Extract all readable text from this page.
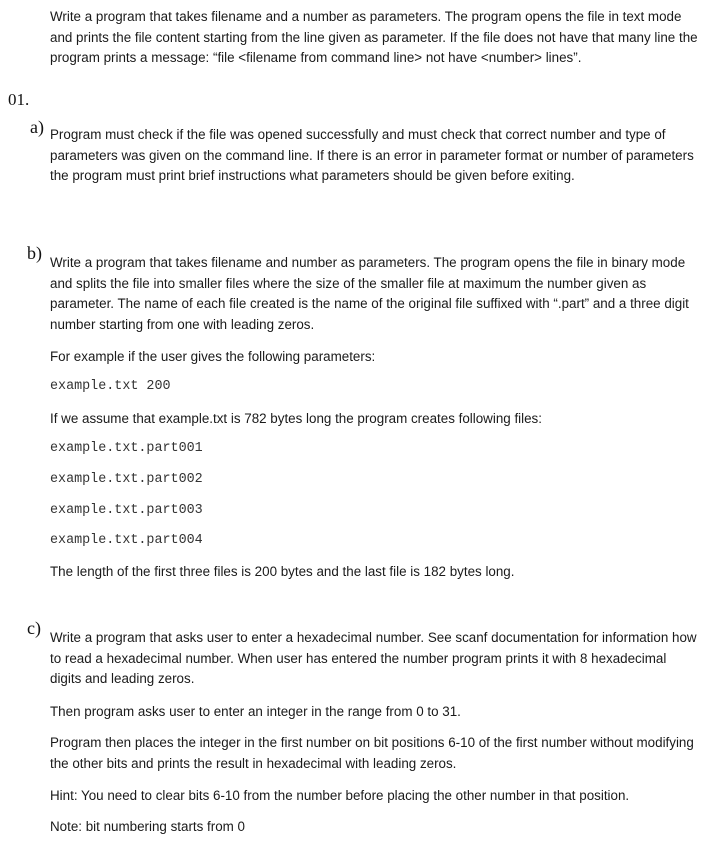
Write a program that takes filename and a number as parameters. The program opens the file in text mode and prints the file content starting from the line given as parameter. If the file does not have that many line the program prints a message: “file <filename from command line> not have <number> lines”.

01.
a) Program must check if the file was opened successfully and must check that correct number and type of parameters was given on the command line. If there is an error in parameter format or number of parameters the program must print brief instructions what parameters should be given before exiting.

b) Write a program that takes filename and number as parameters. The program opens the file in binary mode and splits the file into smaller files where the size of the smaller file at maximum the number given as parameter. The name of each file created is the name of the original file suffixed with “.part” and a three digit number starting from one with leading zeros.

For example if the user gives the following parameters:

example.txt 200

If we assume that example.txt is 782 bytes long the program creates following files:

example.txt.part001

example.txt.part002

example.txt.part003

example.txt.part004

The length of the first three files is 200 bytes and the last file is 182 bytes long.

c) Write a program that asks user to enter a hexadecimal number. See scanf documentation for information how to read a hexadecimal number. When user has entered the number program prints it with 8 hexadecimal digits and leading zeros.

Then program asks user to enter an integer in the range from 0 to 31.

Program then places the integer in the first number on bit positions 6-10 of the first number without modifying the other bits and prints the result in hexadecimal with leading zeros.

Hint: You need to clear bits 6-10 from the number before placing the other number in that position.

Note: bit numbering starts from 0
